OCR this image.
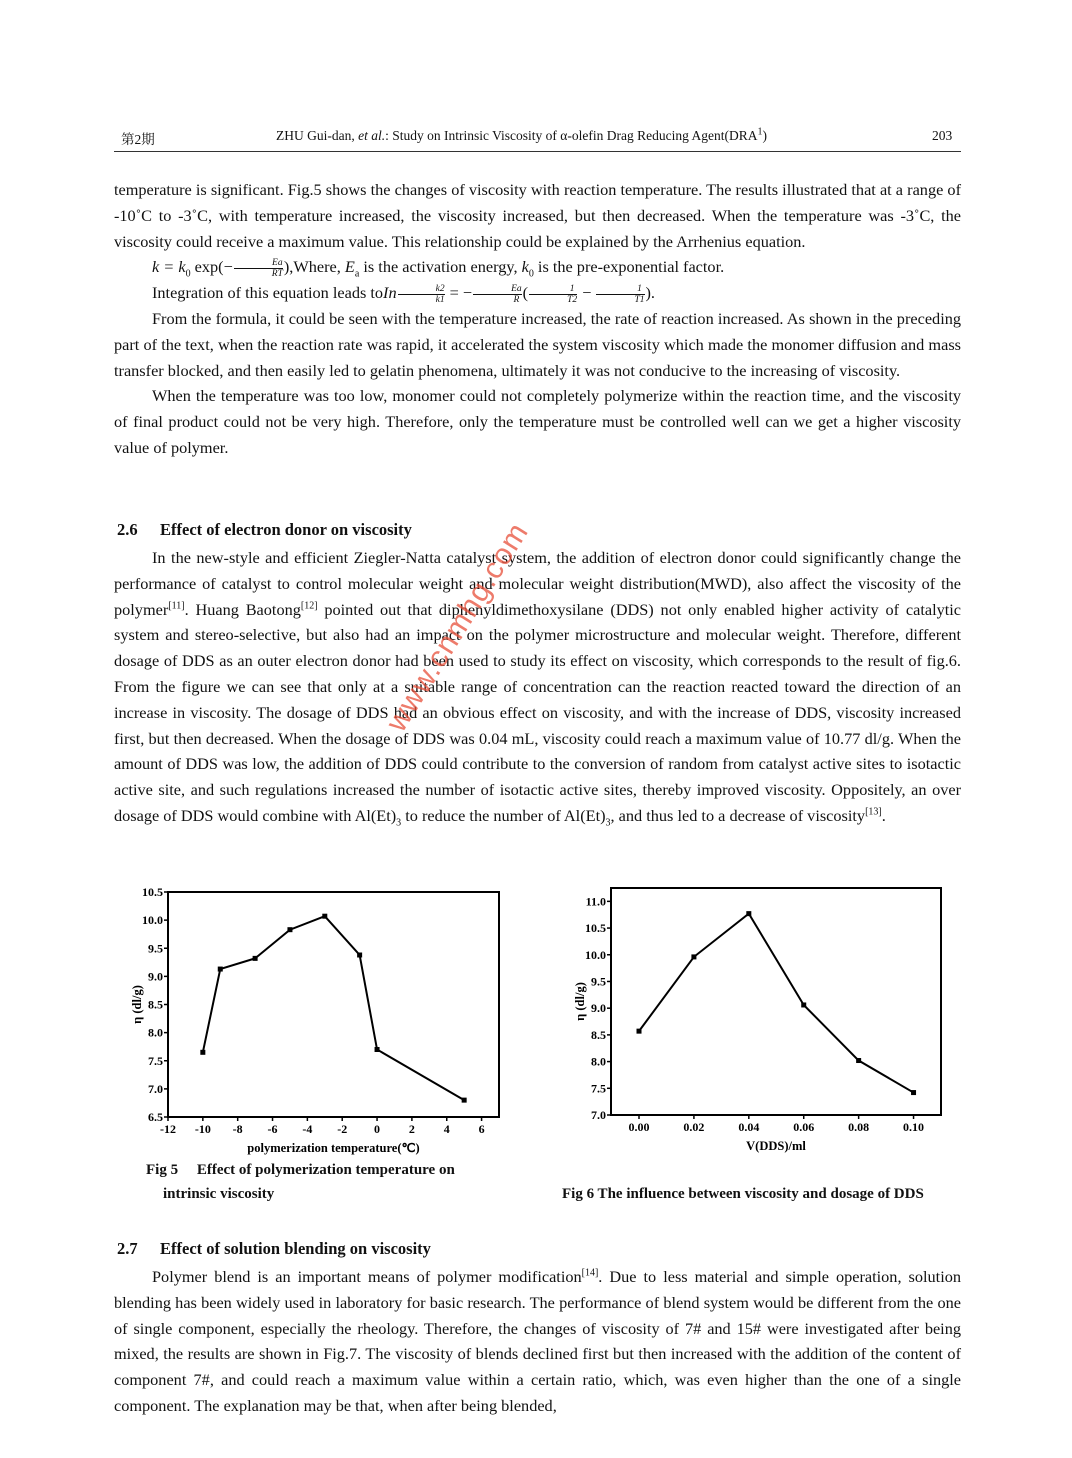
第2期	ZHU Gui-dan, et al.: Study on Intrinsic Viscosity of α-olefin Drag Reducing Agent(DRA$^1$)	203

temperature is significant. Fig.5 shows the changes of viscosity with reaction temperature. The results illustrated that at a range of -10˚C to -3˚C, with temperature increased, the viscosity increased, but then decreased. When the temperature was -3˚C, the viscosity could receive a maximum value. This relationship could be explained by the Arrhenius equation.

$k = k_0$ $\exp(- \frac{Ea}{RT}$ ),Where, $E_a$ is the activation energy, $k_0$ is the pre-exponential factor.

Integration of this equation leads toIn $\frac{k2}{k1}$ = − $\frac{Ea}{R}$ ( $\frac{1}{T2} - \frac{1}{T1}$ ).

From the formula, it could be seen with the temperature increased, the rate of reaction increased. As shown in the preceding part of the text, when the reaction rate was rapid, it accelerated the system viscosity which made the monomer diffusion and mass transfer blocked, and then easily led to gelatin phenomena, ultimately it was not conducive to the increasing of viscosity.

When the temperature was too low, monomer could not completely polymerize within the reaction time, and the viscosity of final product could not be very high. Therefore, only the temperature must be controlled well can we get a higher viscosity value of polymer.

2.6 Effect of electron donor on viscosity

In the new-style and efficient Ziegler-Natta catalyst system, the addition of electron donor could significantly change the performance of catalyst to control molecular weight and molecular weight distribution(MWD), also affect the viscosity of the polymer[11]. Huang Baotong[12] pointed out that diphenyldimethoxysilane (DDS) not only enabled higher activity of catalytic system and stereo-selective, but also had an impact on the polymer microstructure and molecular weight. Therefore, different dosage of DDS as an outer electron donor had been used to study its effect on viscosity, which corresponds to the result of fig.6. From the figure we can see that only at a suitable range of concentration can the reaction reacted toward the direction of an increase in viscosity. The dosage of DDS had an obvious effect on viscosity, and with the increase of DDS, viscosity increased first, but then decreased. When the dosage of DDS was 0.04 mL, viscosity could reach a maximum value of 10.77 dl/g. When the amount of DDS was low, the addition of DDS could contribute to the conversion of random from catalyst active sites to isotactic active site, and such regulations increased the number of isotactic active sites, thereby improved viscosity. Oppositely, an over dosage of DDS would combine with $Al(Et)_3$ to reduce the number of $Al(Et)_3$, and thus led to a decrease of viscosity[13].

6.5
7.0
7.5
8.0
8.5
9.0
9.5
10.0
10.5
-12 -10 -8 -6 -4 -2 0 2 4 6
polymerization temperature(℃)
η (dl/g)
7.0
7.5
8.0
8.5
9.0
9.5
10.0
10.5
11.0
0.00	0.02	0.04	0.06	0.08	0.10
V(DDS)/ml
η (dl/g)
Fig 5     Effect of polymerization temperature on
intrinsic viscosity	Fig 6 The influence between viscosity and dosage of DDS
2.7 Effect of solution blending on viscosity

Polymer blend is an important means of polymer modification[14]. Due to less material and simple operation, solution blending has been widely used in laboratory for basic research. The performance of blend system would be different from the one of single component, especially the rheology. Therefore, the changes of viscosity of 7# and 15# were investigated after being mixed, the results are shown in Fig.7. The viscosity of blends declined first but then increased with the addition of the content of component 7#, and could reach a maximum value within a certain ratio, which, was even higher than the one of a single component. The explanation may be that, when after being blended,

www.cnmhg.com
